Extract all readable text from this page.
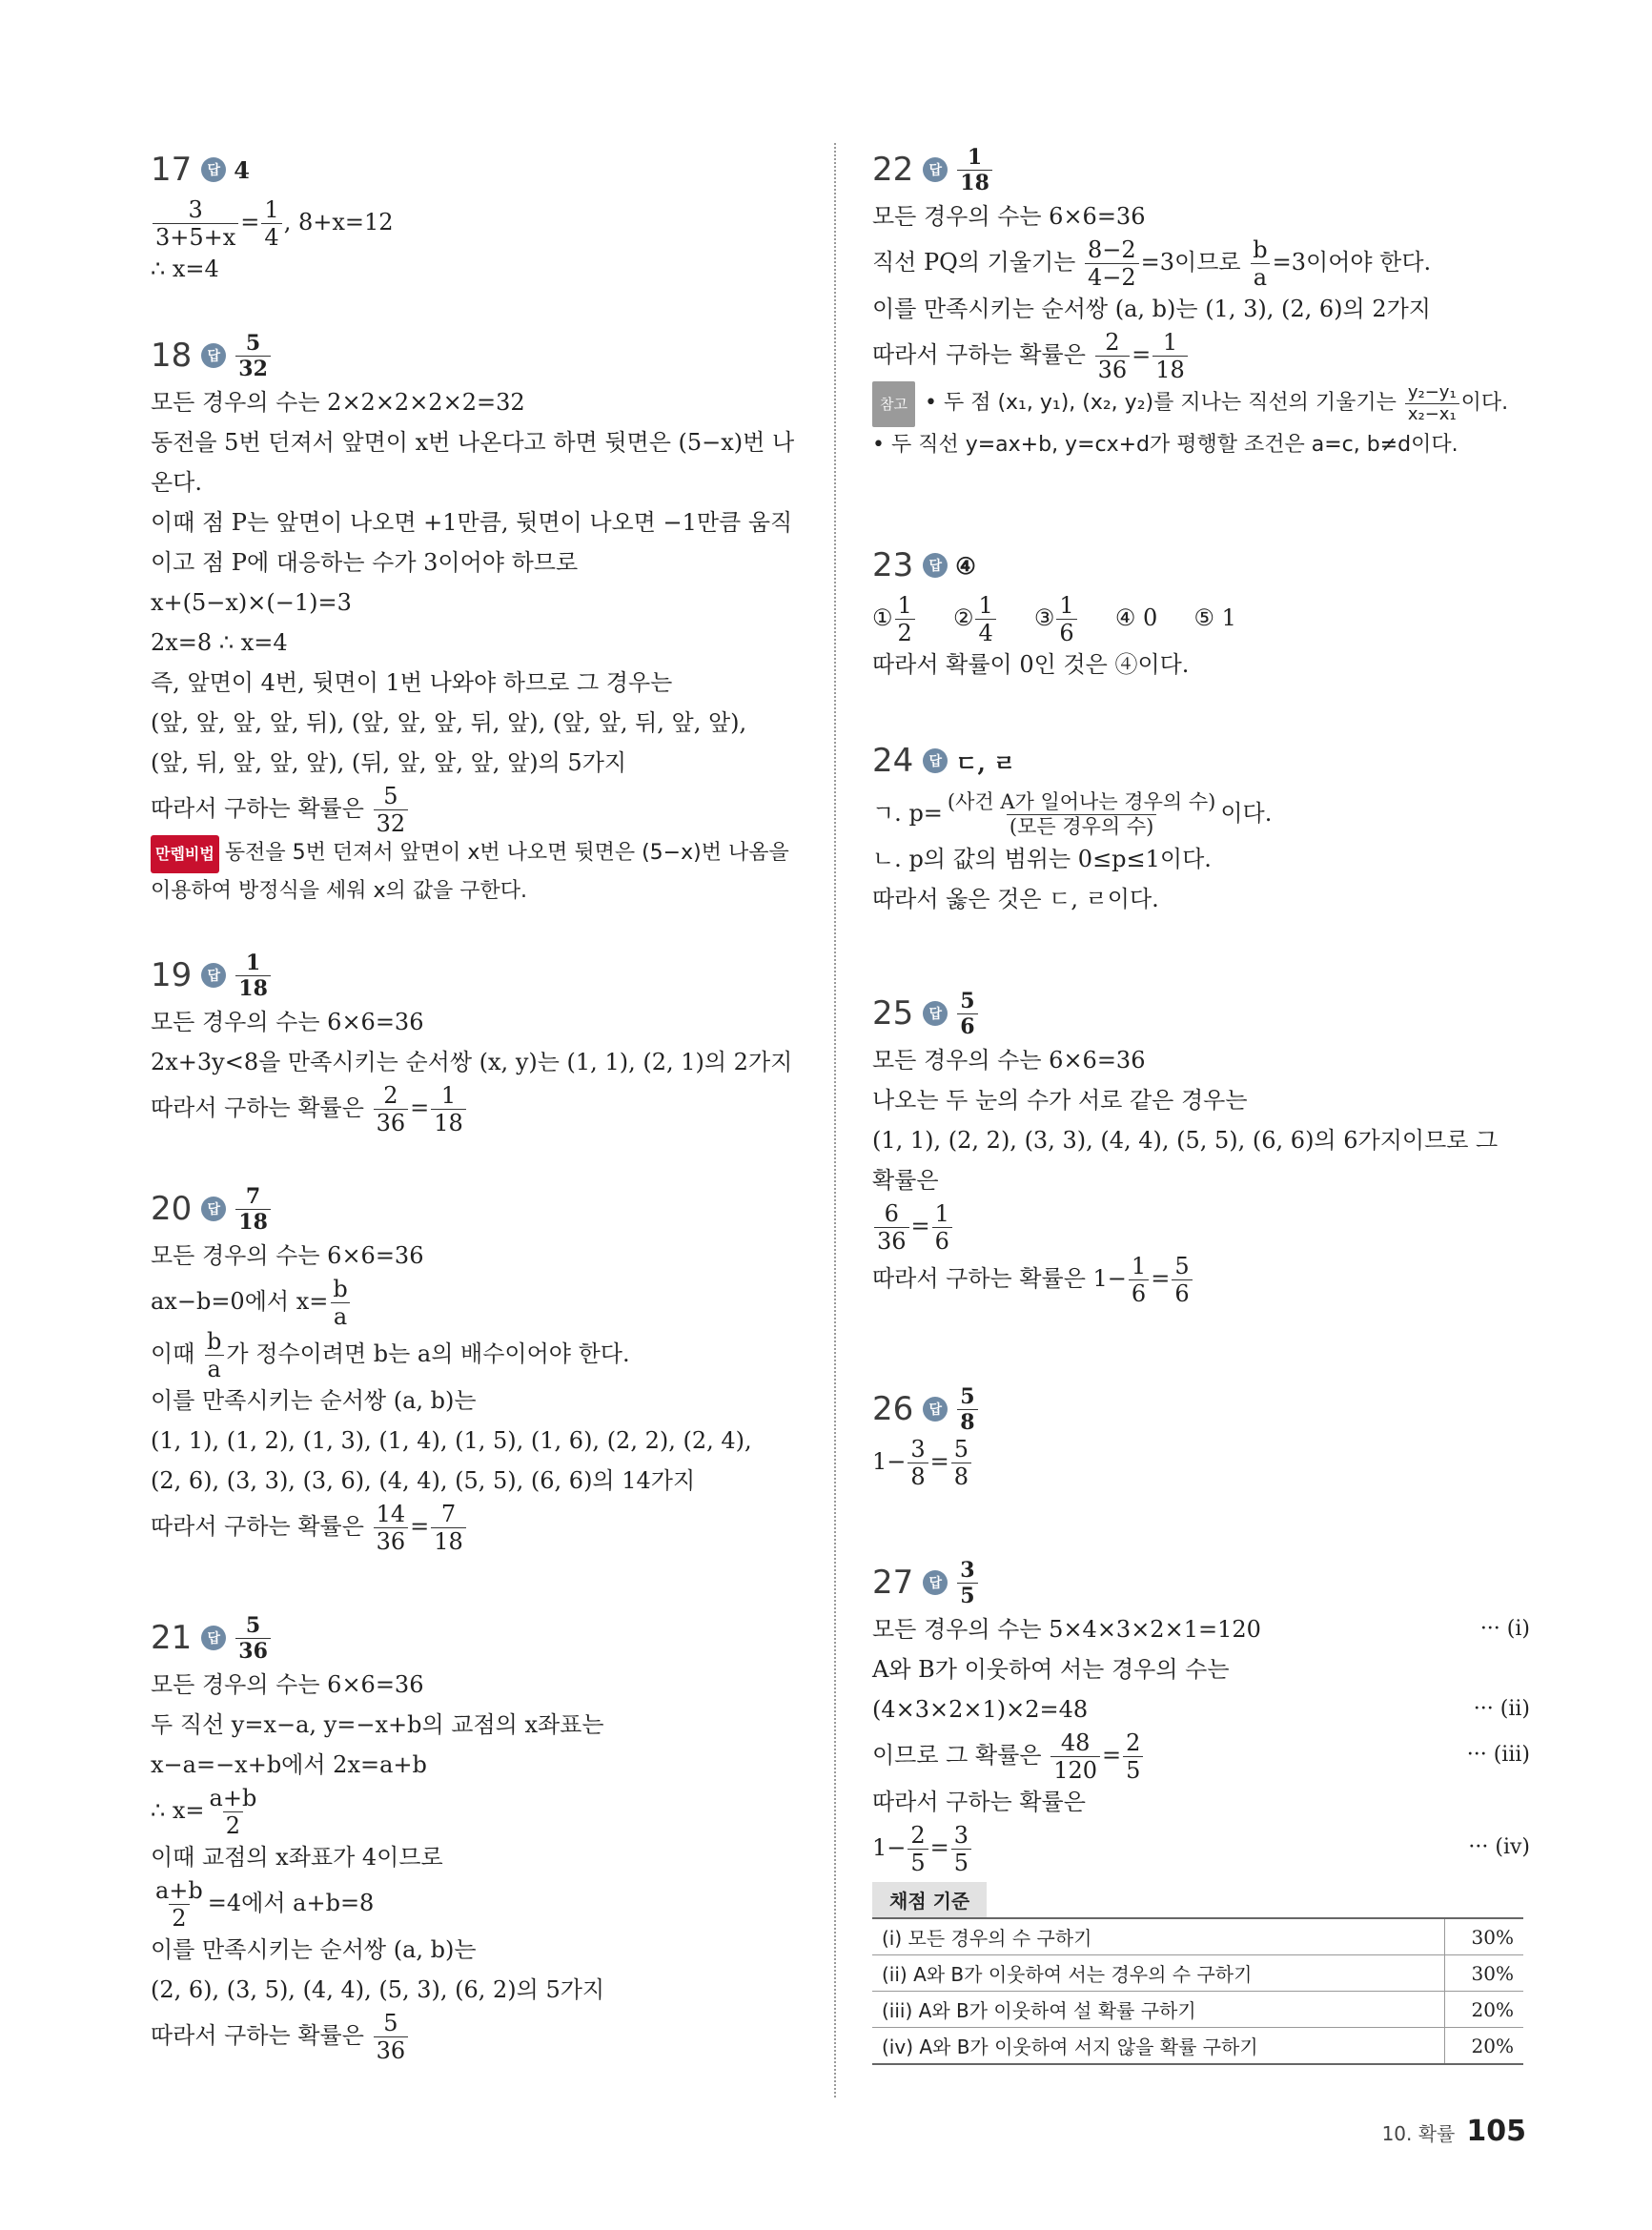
17	답 4
$\frac{3}{3+5+x} = \frac{1}{4}$ , 8+x=12
∴ x=4
18	답 $\frac{5}{32}$
모든 경우의 수는 2×2×2×2×2=32
동전을 5번 던져서 앞면이 x번 나온다고 하면 뒷면은 (5−x)번 나
온다.
이때 점 P는 앞면이 나오면 +1만큼, 뒷면이 나오면 −1만큼 움직
이고 점 P에 대응하는 수가 3이어야 하므로
x+(5−x)×(−1)=3
2x=8 ∴ x=4
즉, 앞면이 4번, 뒷면이 1번 나와야 하므로 그 경우는
(앞, 앞, 앞, 앞, 뒤), (앞, 앞, 앞, 뒤, 앞), (앞, 앞, 뒤, 앞, 앞),
(앞, 뒤, 앞, 앞, 앞), (뒤, 앞, 앞, 앞, 앞)의 5가지
따라서 구하는 확률은 $\frac{5}{32}$
만렙비법 동전을 5번 던져서 앞면이 x번 나오면 뒷면은 (5−x)번 나옴을
이용하여 방정식을 세워 x의 값을 구한다.
19	답 $\frac{1}{18}$
모든 경우의 수는 6×6=36
2x+3y<8을 만족시키는 순서쌍 (x, y)는 (1, 1), (2, 1)의 2가지
따라서 구하는 확률은 $\frac{2}{36} = \frac{1}{18}$
20	답 $\frac{7}{18}$
모든 경우의 수는 6×6=36
ax−b=0에서 $x= \frac{b}{a}$
이때 $\frac{b}{a}$ 가 정수이려면 b는 a의 배수이어야 한다.
이를 만족시키는 순서쌍 (a, b)는
(1, 1), (1, 2), (1, 3), (1, 4), (1, 5), (1, 6), (2, 2), (2, 4),
(2, 6), (3, 3), (3, 6), (4, 4), (5, 5), (6, 6)의 14가지
따라서 구하는 확률은 $\frac{14}{36} = \frac{7}{18}$
21	답 $\frac{5}{36}$
모든 경우의 수는 6×6=36
두 직선 y=x−a, y=−x+b의 교점의 x좌표는
x−a=−x+b에서 2x=a+b
∴ $x= \frac{a+b}{2}$
이때 교점의 x좌표가 4이므로
$\frac{a+b}{2} =4$에서 a+b=8
이를 만족시키는 순서쌍 (a, b)는
(2, 6), (3, 5), (4, 4), (5, 3), (6, 2)의 5가지
따라서 구하는 확률은 $\frac{5}{36}$
22	답 $\frac{1}{18}$
모든 경우의 수는 6×6=36
직선 PQ의 기울기는 $\frac{8-2}{4-2} =3$이므로 $\frac{b}{a} =3$이어야 한다.
이를 만족시키는 순서쌍 (a, b)는 (1, 3), (2, 6)의 2가지
따라서 구하는 확률은 $\frac{2}{36} = \frac{1}{18}$
참고 • 두 점 (x₁, y₁), (x₂, y₂)를 지나는 직선의 기울기는 $\frac{\text{y₂−y₁}}{\text{x₂−x₁}}$ 이다.
• 두 직선 y=ax+b, y=cx+d가 평행할 조건은 a=c, b≠d이다.
23	답 ④
① $\frac{1}{2}$ ② $\frac{1}{4}$ ③ $\frac{1}{6}$ ④ 0 ⑤ 1
따라서 확률이 0인 것은 ④이다.
24	답 ㄷ, ㄹ
ㄱ. p= (사건 A가 일어나는 경우의 수)
(모든 경우의 수)	이다.
ㄴ. p의 값의 범위는 0≤p≤1이다.
따라서 옳은 것은 ㄷ, ㄹ이다.
25	답 $\frac{5}{6}$
모든 경우의 수는 6×6=36
나오는 두 눈의 수가 서로 같은 경우는
(1, 1), (2, 2), (3, 3), (4, 4), (5, 5), (6, 6)의 6가지이므로 그
확률은
$\frac{6}{36} = \frac{1}{6}$
따라서 구하는 확률은 $1- \frac{1}{6} = \frac{5}{6}$
26	답 $\frac{5}{8}$
$1- \frac{3}{8} = \frac{5}{8}$
27	답 $\frac{3}{5}$
모든 경우의 수는 5×4×3×2×1=120	··· (i)
A와 B가 이웃하여 서는 경우의 수는
(4×3×2×1)×2=48	··· (ii)
이므로 그 확률은 $\frac{48}{120} = \frac{2}{5}$	··· (iii)
따라서 구하는 확률은
$1- \frac{2}{5} = \frac{3}{5}$	··· (iv)
채점 기준
(i) 모든 경우의 수 구하기	30%
(ii) A와 B가 이웃하여 서는 경우의 수 구하기	30%
(iii) A와 B가 이웃하여 설 확률 구하기	20%
(iv) A와 B가 이웃하여 서지 않을 확률 구하기	20%
10. 확률 105
